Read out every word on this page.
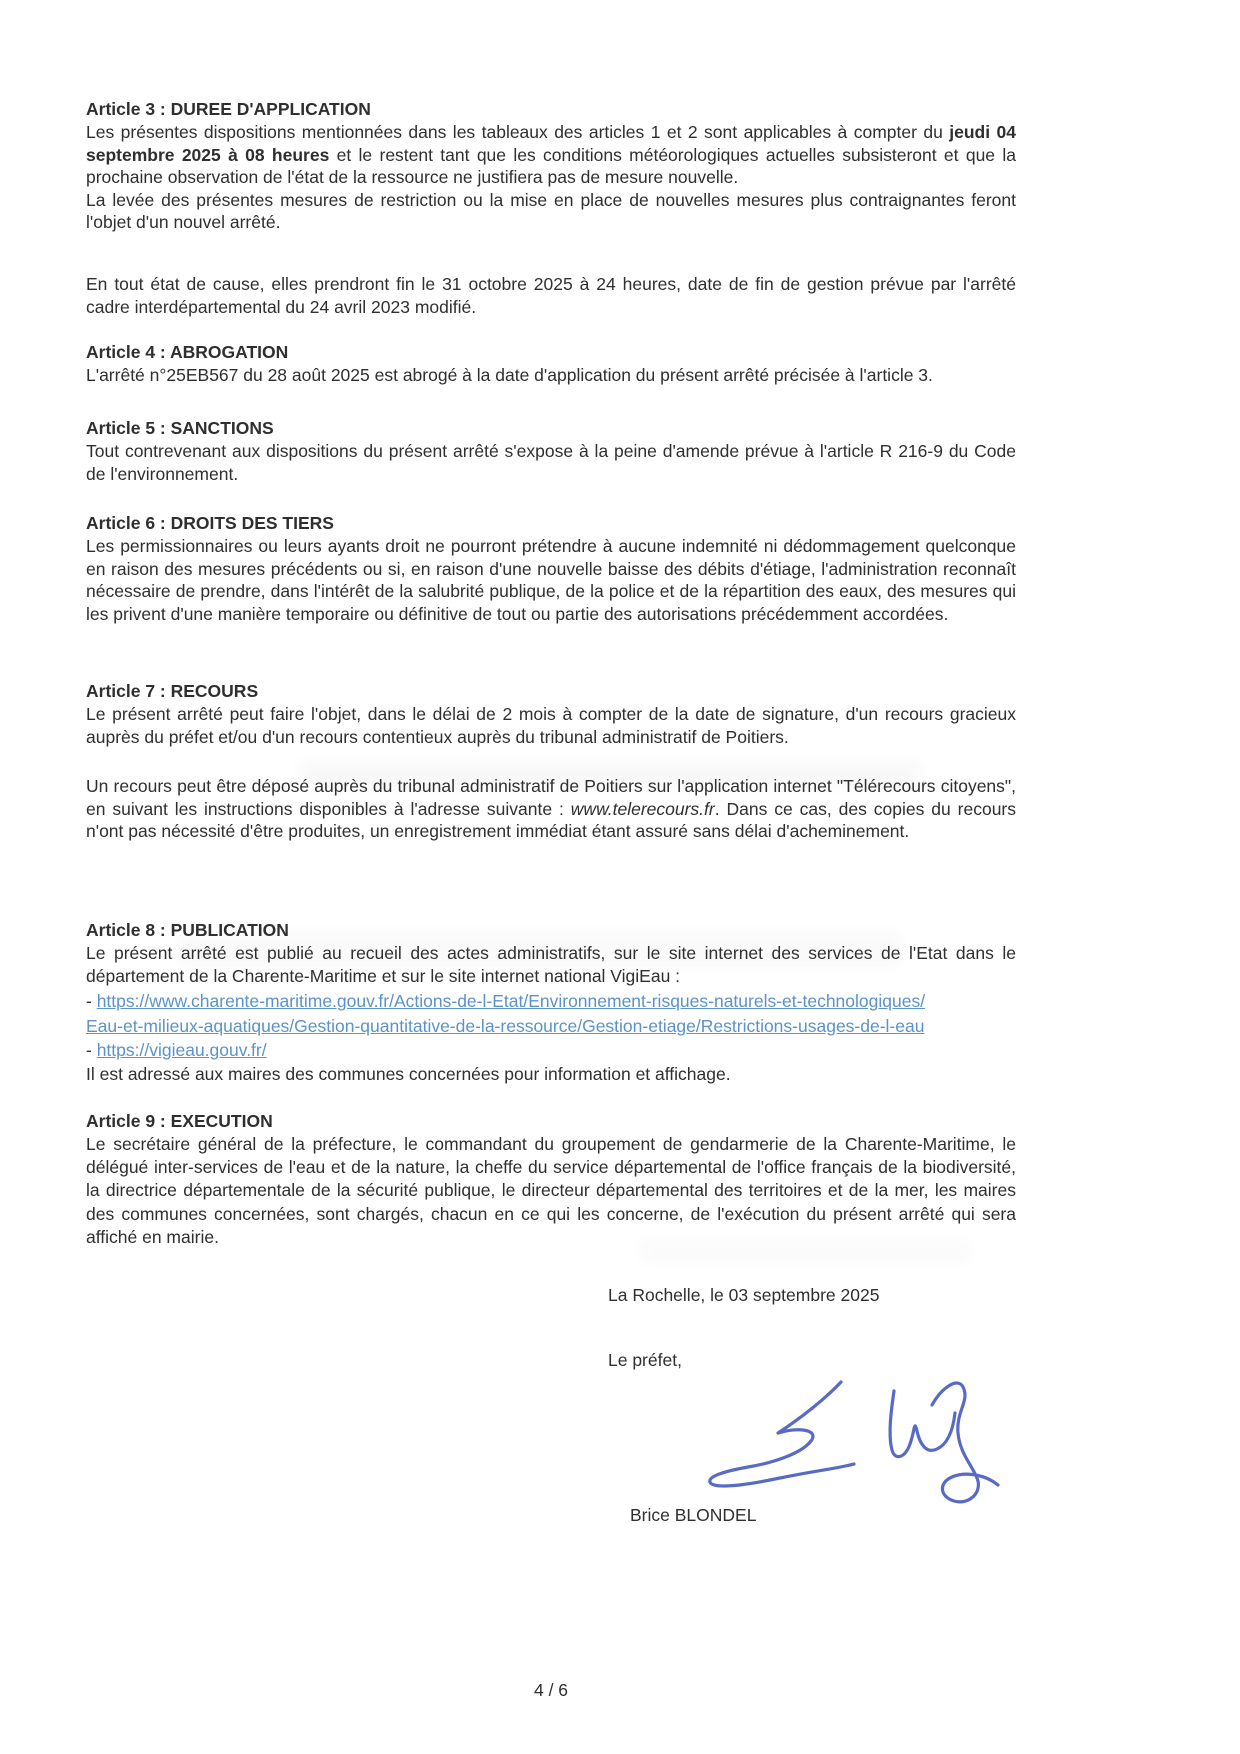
Article 3 : DUREE D'APPLICATION

Les présentes dispositions mentionnées dans les tableaux des articles 1 et 2 sont applicables à compter du jeudi 04 septembre 2025 à 08 heures et le restent tant que les conditions météorologiques actuelles subsisteront et que la prochaine observation de l'état de la ressource ne justifiera pas de mesure nouvelle.

La levée des présentes mesures de restriction ou la mise en place de nouvelles mesures plus contraignantes feront l'objet d'un nouvel arrêté.

En tout état de cause, elles prendront fin le 31 octobre 2025 à 24 heures, date de fin de gestion prévue par l'arrêté cadre interdépartemental du 24 avril 2023 modifié.
Article 4 : ABROGATION
L'arrêté n°25EB567 du 28 août 2025 est abrogé à la date d'application du présent arrêté précisée à l'article 3.
Article 5 : SANCTIONS
Tout contrevenant aux dispositions du présent arrêté s'expose à la peine d'amende prévue à l'article R 216-9 du Code de l'environnement.
Article 6 : DROITS DES TIERS
Les permissionnaires ou leurs ayants droit ne pourront prétendre à aucune indemnité ni dédommagement quelconque en raison des mesures précédents ou si, en raison d'une nouvelle baisse des débits d'étiage, l'administration reconnaît nécessaire de prendre, dans l'intérêt de la salubrité publique, de la police et de la répartition des eaux, des mesures qui les privent d'une manière temporaire ou définitive de tout ou partie des autorisations précédemment accordées.
Article 7 : RECOURS
Le présent arrêté peut faire l'objet, dans le délai de 2 mois à compter de la date de signature, d'un recours gracieux auprès du préfet et/ou d'un recours contentieux auprès du tribunal administratif de Poitiers.
Un recours peut être déposé auprès du tribunal administratif de Poitiers sur l'application internet "Télérecours citoyens", en suivant les instructions disponibles à l'adresse suivante : www.telerecours.fr. Dans ce cas, des copies du recours n'ont pas nécessité d'être produites, un enregistrement immédiat étant assuré sans délai d'acheminement.
Article 8 : PUBLICATION
Le présent arrêté est publié au recueil des actes administratifs, sur le site internet des services de l'Etat dans le département de la Charente-Maritime et sur le site internet national VigiEau :
- https://www.charente-maritime.gouv.fr/Actions-de-l-Etat/Environnement-risques-naturels-et-technologiques/
Eau-et-milieux-aquatiques/Gestion-quantitative-de-la-ressource/Gestion-etiage/Restrictions-usages-de-l-eau
- https://vigieau.gouv.fr/
Il est adressé aux maires des communes concernées pour information et affichage.
Article 9 : EXECUTION
Le secrétaire général de la préfecture, le commandant du groupement de gendarmerie de la Charente-Maritime, le délégué inter-services de l'eau et de la nature, la cheffe du service départemental de l'office français de la biodiversité, la directrice départementale de la sécurité publique, le directeur départemental des territoires et de la mer, les maires des communes concernées, sont chargés, chacun en ce qui les concerne, de l'exécution du présent arrêté qui sera affiché en mairie.
La Rochelle, le 03 septembre 2025
Le préfet,
Brice BLONDEL
4 / 6
